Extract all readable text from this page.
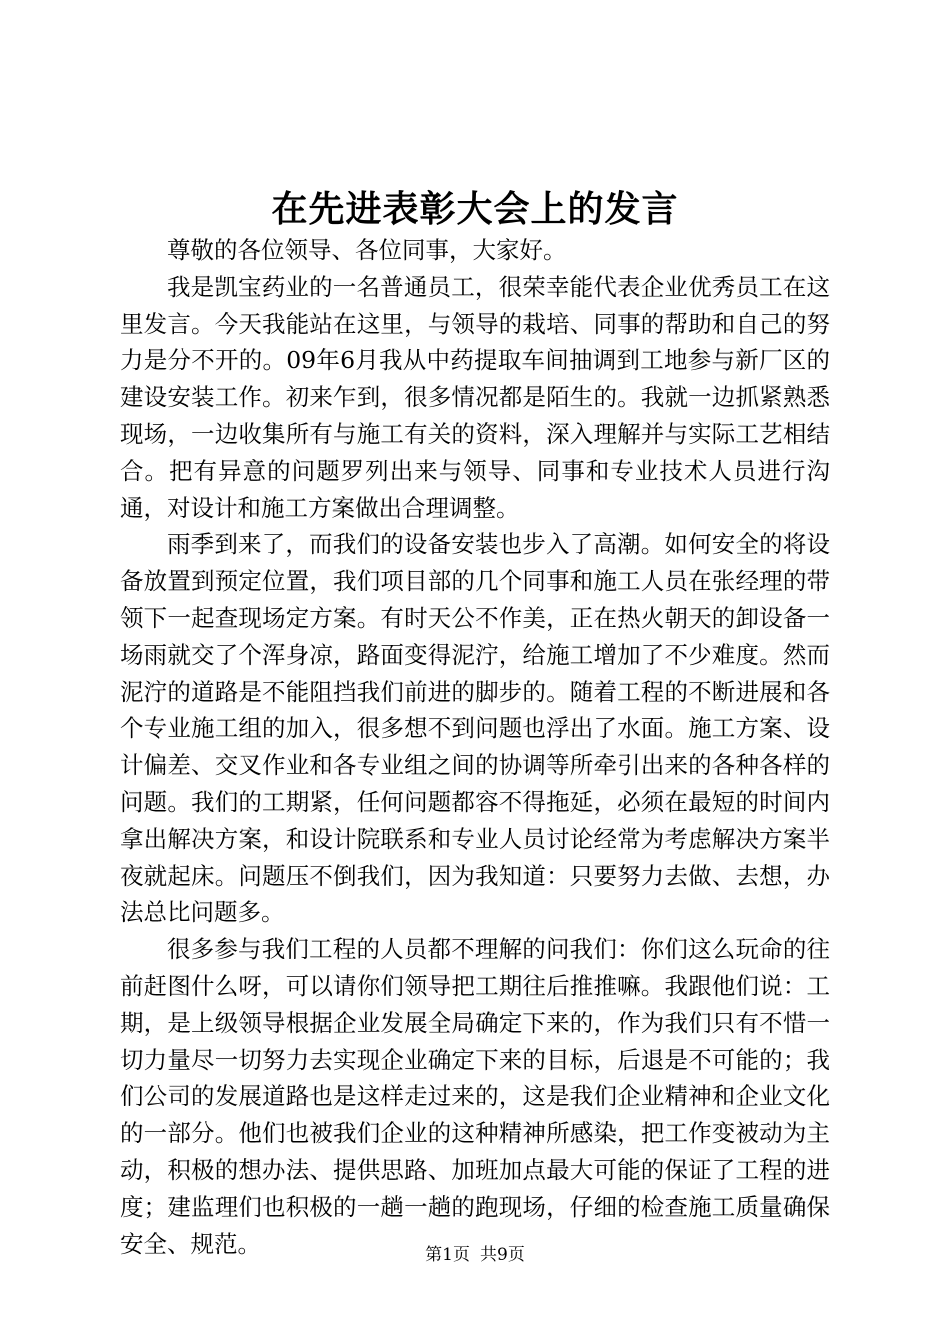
在先进表彰大会上的发言

尊敬的各位领导、各位同事，大家好。

我是凯宝药业的一名普通员工，很荣幸能代表企业优秀员工在这里发言。今天我能站在这里，与领导的栽培、同事的帮助和自己的努力是分不开的。09年6月我从中药提取车间抽调到工地参与新厂区的建设安装工作。初来乍到，很多情况都是陌生的。我就一边抓紧熟悉现场，一边收集所有与施工有关的资料，深入理解并与实际工艺相结合。把有异意的问题罗列出来与领导、同事和专业技术人员进行沟通，对设计和施工方案做出合理调整。

雨季到来了，而我们的设备安装也步入了高潮。如何安全的将设备放置到预定位置，我们项目部的几个同事和施工人员在张经理的带领下一起查现场定方案。有时天公不作美，正在热火朝天的卸设备一场雨就交了个浑身凉，路面变得泥泞，给施工增加了不少难度。然而泥泞的道路是不能阻挡我们前进的脚步的。随着工程的不断进展和各个专业施工组的加入，很多想不到问题也浮出了水面。施工方案、设计偏差、交叉作业和各专业组之间的协调等所牵引出来的各种各样的问题。我们的工期紧，任何问题都容不得拖延，必须在最短的时间内拿出解决方案，和设计院联系和专业人员讨论经常为考虑解决方案半夜就起床。问题压不倒我们，因为我知道：只要努力去做、去想，办法总比问题多。

很多参与我们工程的人员都不理解的问我们：你们这么玩命的往前赶图什么呀，可以请你们领导把工期往后推推嘛。我跟他们说：工期，是上级领导根据企业发展全局确定下来的，作为我们只有不惜一切力量尽一切努力去实现企业确定下来的目标，后退是不可能的；我们公司的发展道路也是这样走过来的，这是我们企业精神和企业文化的一部分。他们也被我们企业的这种精神所感染，把工作变被动为主动，积极的想办法、提供思路、加班加点最大可能的保证了工程的进度；建监理们也积极的一趟一趟的跑现场，仔细的检查施工质量确保安全、规范。	第1页 共9页
